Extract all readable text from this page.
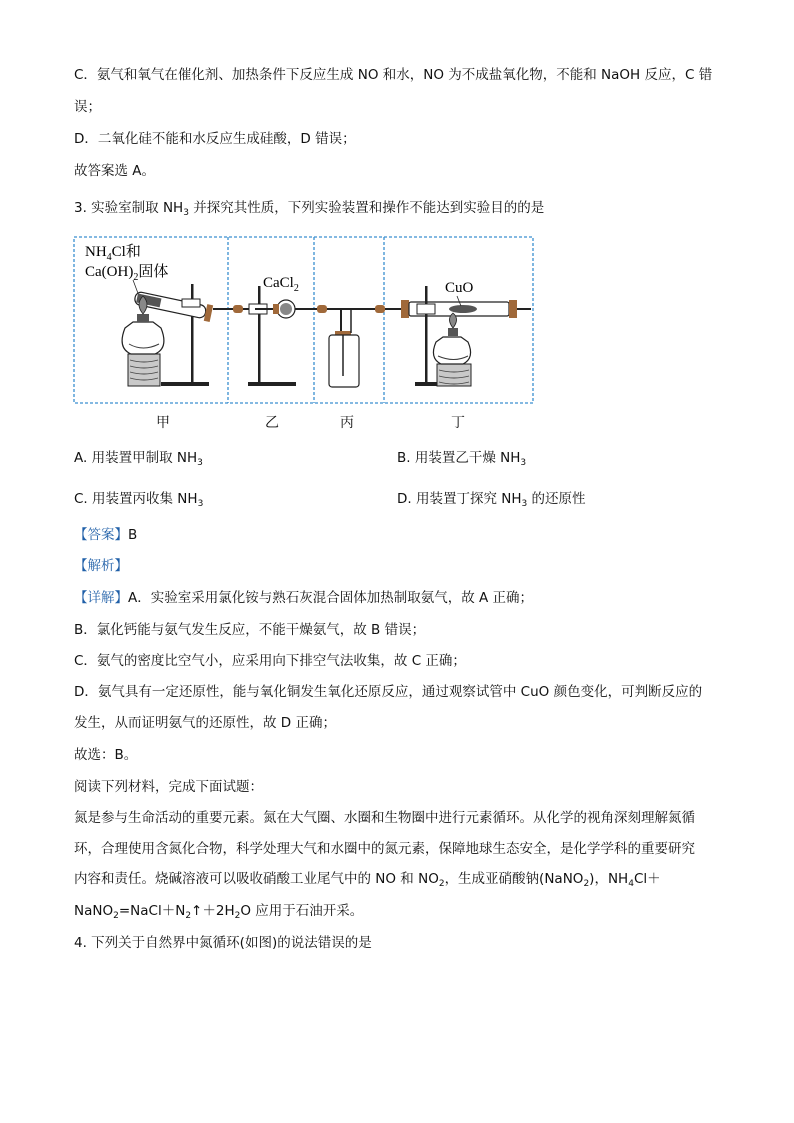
C．氨气和氧气在催化剂、加热条件下反应生成 NO 和水，NO 为不成盐氧化物，不能和 NaOH 反应，C 错
误；
D．二氧化硅不能和水反应生成硅酸，D 错误；
故答案选 A。
3. 实验室制取 $NH_3$ 并探究其性质，下列实验装置和操作不能达到实验目的的是
$NH_4Cl$和
$Ca(OH)_2$固体
CaCl$_2$	CuO
甲	乙	丙	丁
A. 用装置甲制取 $NH_3$	B. 用装置乙干燥 $NH_3$
C. 用装置丙收集 $NH_3$	D. 用装置丁探究 $NH_3$ 的还原性
【答案】B
【解析】
【详解】A．实验室采用氯化铵与熟石灰混合固体加热制取氨气，故 A 正确；
B．氯化钙能与氨气发生反应，不能干燥氨气，故 B 错误；
C．氨气的密度比空气小，应采用向下排空气法收集，故 C 正确；
D．氨气具有一定还原性，能与氧化铜发生氧化还原反应，通过观察试管中 CuO 颜色变化，可判断反应的
发生，从而证明氨气的还原性，故 D 正确；
故选：B。
阅读下列材料，完成下面试题：
氮是参与生命活动的重要元素。氮在大气圈、水圈和生物圈中进行元素循环。从化学的视角深刻理解氮循
环，合理使用含氮化合物，科学处理大气和水圈中的氮元素，保障地球生态安全，是化学学科的重要研究
内容和责任。烧碱溶液可以吸收硝酸工业尾气中的 NO 和 $NO_2$，生成亚硝酸钠(NaNO$_2$)，$NH_4Cl+$
$NaNO_2=NaCl+N_2↑+2H_2O$ 应用于石油开采。
4. 下列关于自然界中氮循环(如图)的说法错误的是
